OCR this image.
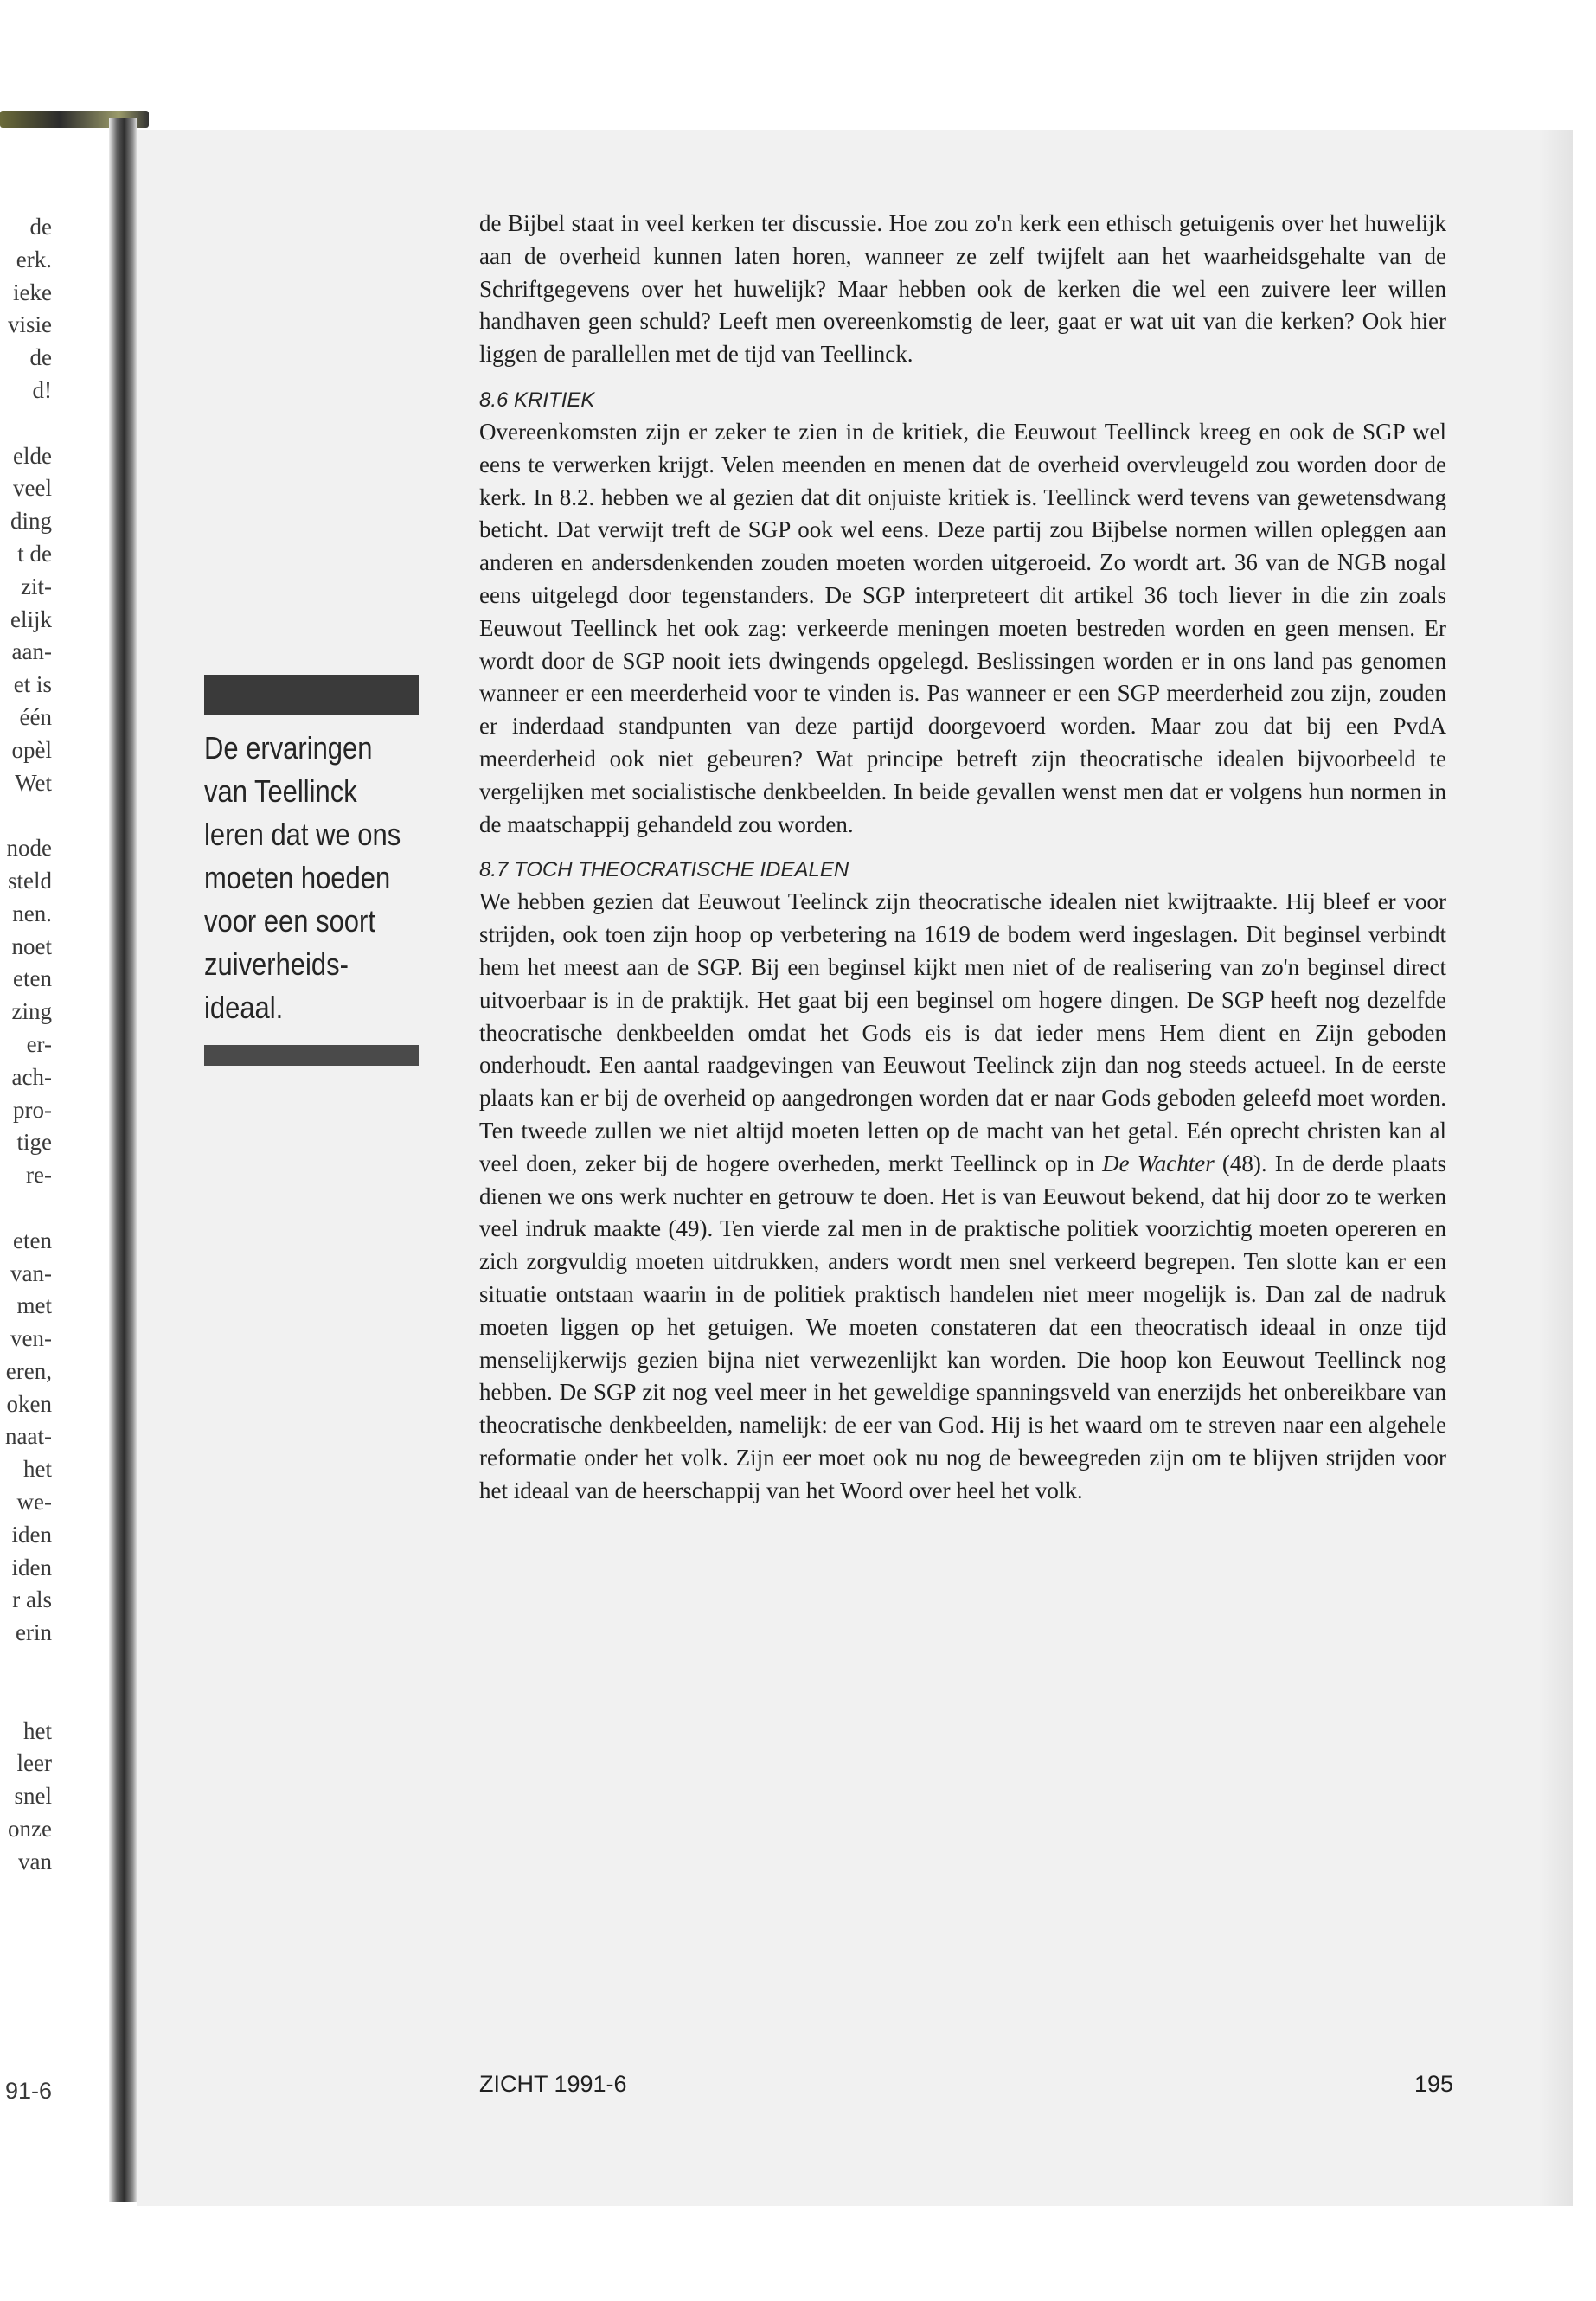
de
erk.
ieke
visie
de
d!

elde
veel
ding
t de
zit-
elijk
aan-
et is
één
opèl
Wet

node
steld
nen.
noet
eten
zing
er-
ach-
pro-
tige
re-

eten
van-
met
ven-
eren,
oken
naat-
het
we-
iden
iden
r als
erin

het
leer
snel
onze
van
91-6
De ervaringen van Teellinck leren dat we ons moeten hoeden voor een soort zuiverheids-ideaal.

de Bijbel staat in veel kerken ter discussie. Hoe zou zo'n kerk een ethisch getuigenis over het huwelijk aan de overheid kunnen laten horen, wanneer ze zelf twijfelt aan het waarheidsgehalte van de Schriftgegevens over het huwelijk? Maar hebben ook de kerken die wel een zuivere leer willen handhaven geen schuld? Leeft men overeenkomstig de leer, gaat er wat uit van die kerken? Ook hier liggen de parallellen met de tijd van Teellinck.

8.6 KRITIEK

Overeenkomsten zijn er zeker te zien in de kritiek, die Eeuwout Teellinck kreeg en ook de SGP wel eens te verwerken krijgt. Velen meenden en menen dat de overheid overvleugeld zou worden door de kerk. In 8.2. hebben we al gezien dat dit onjuiste kritiek is. Teellinck werd tevens van gewetensdwang beticht. Dat verwijt treft de SGP ook wel eens. Deze partij zou Bijbelse normen willen opleggen aan anderen en andersdenkenden zouden moeten worden uitgeroeid. Zo wordt art. 36 van de NGB nogal eens uitgelegd door tegenstanders. De SGP interpreteert dit artikel 36 toch liever in die zin zoals Eeuwout Teellinck het ook zag: verkeerde meningen moeten bestreden worden en geen mensen. Er wordt door de SGP nooit iets dwingends opgelegd. Beslissingen worden er in ons land pas genomen wanneer er een meerderheid voor te vinden is. Pas wanneer er een SGP meerderheid zou zijn, zouden er inderdaad standpunten van deze partijd doorgevoerd worden. Maar zou dat bij een PvdA meerderheid ook niet gebeuren? Wat principe betreft zijn theocratische idealen bijvoorbeeld te vergelijken met socialistische denkbeelden. In beide gevallen wenst men dat er volgens hun normen in de maatschappij gehandeld zou worden.

8.7 TOCH THEOCRATISCHE IDEALEN

We hebben gezien dat Eeuwout Teelinck zijn theocratische idealen niet kwijtraakte. Hij bleef er voor strijden, ook toen zijn hoop op verbetering na 1619 de bodem werd ingeslagen. Dit beginsel verbindt hem het meest aan de SGP. Bij een beginsel kijkt men niet of de realisering van zo'n beginsel direct uitvoerbaar is in de praktijk. Het gaat bij een beginsel om hogere dingen. De SGP heeft nog dezelfde theocratische denkbeelden omdat het Gods eis is dat ieder mens Hem dient en Zijn geboden onderhoudt. Een aantal raadgevingen van Eeuwout Teelinck zijn dan nog steeds actueel. In de eerste plaats kan er bij de overheid op aangedrongen worden dat er naar Gods geboden geleefd moet worden. Ten tweede zullen we niet altijd moeten letten op de macht van het getal. Eén oprecht christen kan al veel doen, zeker bij de hogere overheden, merkt Teellinck op in De Wachter (48). In de derde plaats dienen we ons werk nuchter en getrouw te doen. Het is van Eeuwout bekend, dat hij door zo te werken veel indruk maakte (49). Ten vierde zal men in de praktische politiek voorzichtig moeten opereren en zich zorgvuldig moeten uitdrukken, anders wordt men snel verkeerd begrepen. Ten slotte kan er een situatie ontstaan waarin in de politiek praktisch handelen niet meer mogelijk is. Dan zal de nadruk moeten liggen op het getuigen. We moeten constateren dat een theocratisch ideaal in onze tijd menselijkerwijs gezien bijna niet verwezenlijkt kan worden. Die hoop kon Eeuwout Teellinck nog hebben. De SGP zit nog veel meer in het geweldige spanningsveld van enerzijds het onbereikbare van theocratische denkbeelden, namelijk: de eer van God. Hij is het waard om te streven naar een algehele reformatie onder het volk. Zijn eer moet ook nu nog de beweegreden zijn om te blijven strijden voor het ideaal van de heerschappij van het Woord over heel het volk.

ZICHT 1991-6	195
